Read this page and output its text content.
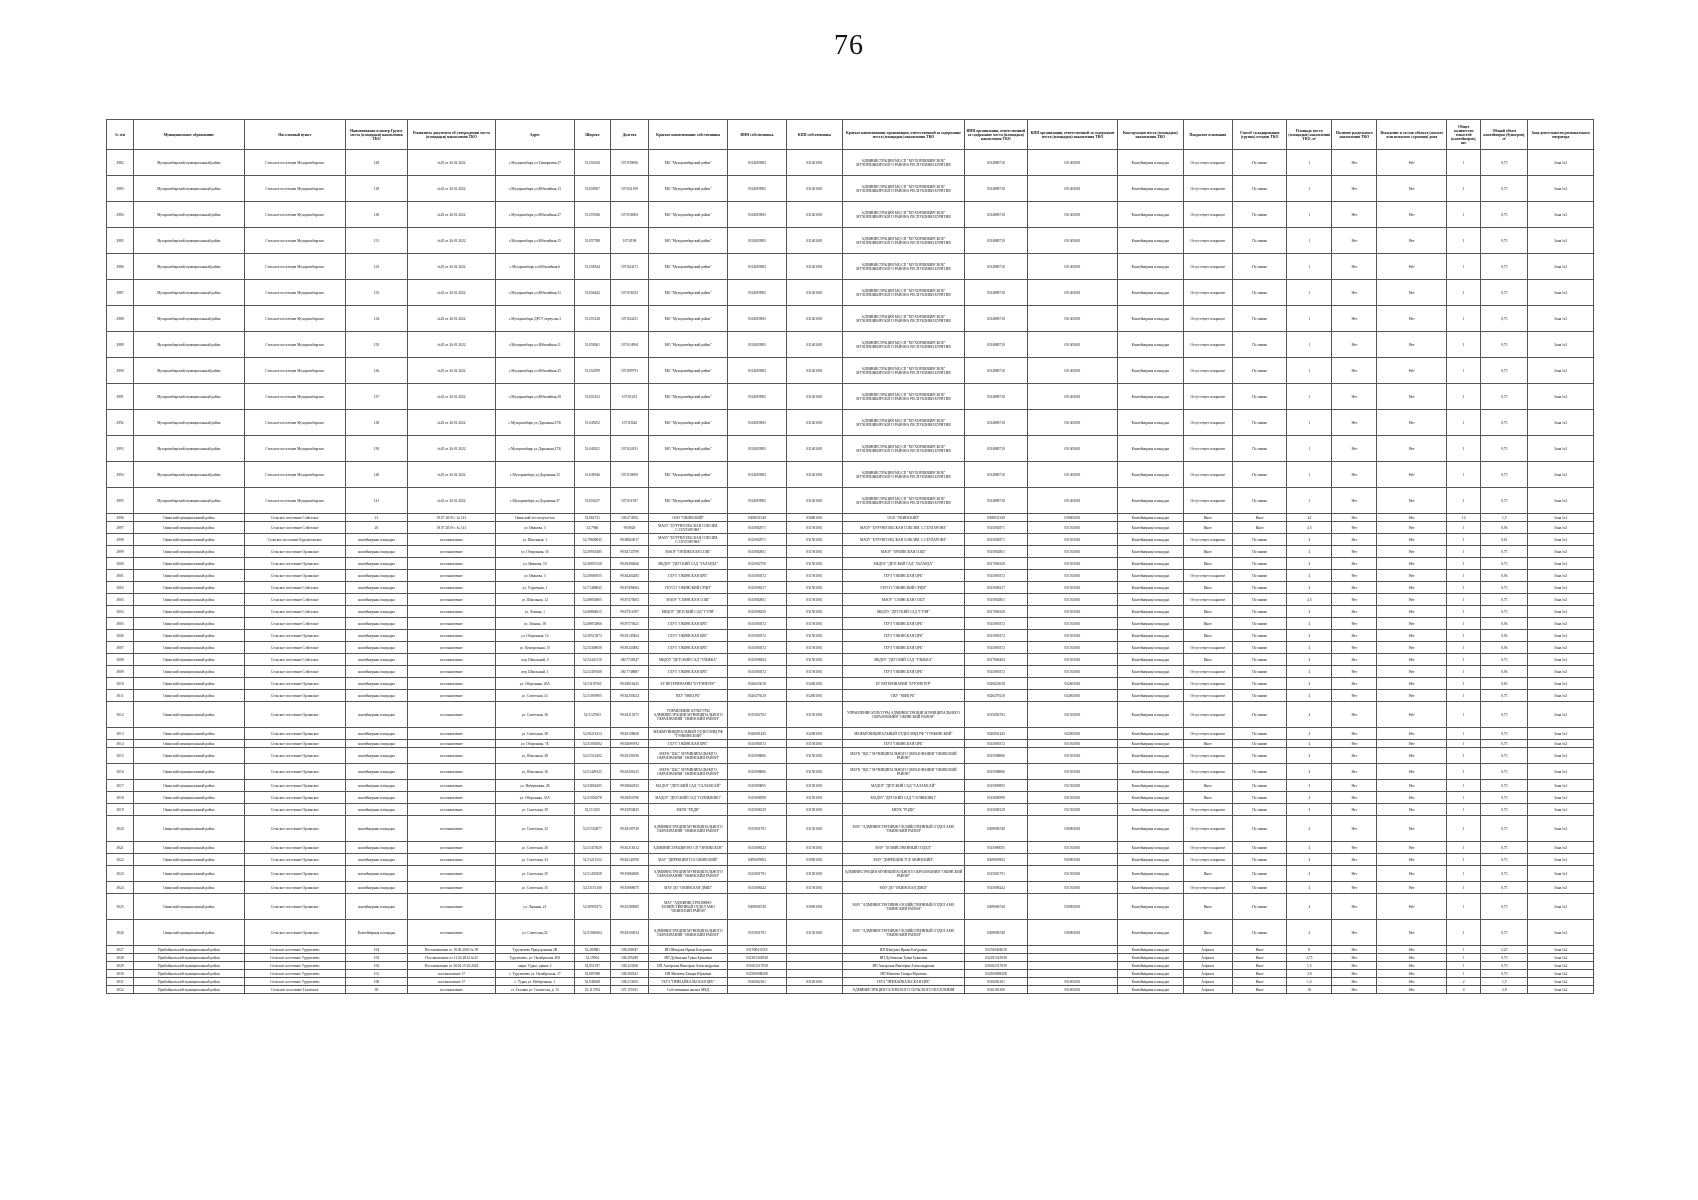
76
№ п/п	Муниципальное образование	Населенный пункт	Наименование и номер Грунту места (площадки) накопления ТКО	Реквизиты документа об утверждении места (площадки) накопления ТКО	Адрес	Широта	Долгота	Краткое наименование собственника	ИНН собственника	КПП собственника	Краткое наименование организации, ответственной за содержание места (площадки) накопления ТКО	ИНН организации, ответственной за содержание места (площадки) накопления ТКО	КПП организации, ответственной за содержание места (площадки) накопления ТКО	Конструкция места (площадки) накопления ТКО	Покрытие основания	Способ складирования (группа) отходов ТКО	Площадь места (площадки) накопления ТКО, м²	Наличие раздельного накопления ТКО	Вхождение в состав объекта (жилого или нежилого строения) дома	Общее количество емкостей (контейнеров), шт.	Общий объем контейнеров (бункеров), м³	Зона деятельности регионального оператора
2982	Мухоршибирский муниципальный район	Сельское поселение Мухоршибирское	128	№45 от 26.01.2022	с.Мухоршибирь ул.Тимирязева,37	51,056330	107,839836	МО "Мухоршибирский район"	0314003983	031401001	АДМИНИСТРАЦИЯ МО СП "МУХОРШИБИРСКОЕ" МУХОРШИБИРСКОГО РАЙОНА РЕСПУБЛИКИ БУРЯТИЯ	0314880710	031401001	Контейнерная площадка	Отсутствует покрытие	По заявке	1	Нет	Нет	1	0,75	Зона №1
2983	Мухоршибирский муниципальный район	Сельское поселение Мухоршибирское	129	№45 от 26.01.2022	с.Мухоршибирь ул.Юбилейная,13	51,058307	107,821109	МО "Мухоршибирский район"	0314003983	031401001	АДМИНИСТРАЦИЯ МО СП "МУХОРШИБИРСКОЕ" МУХОРШИБИРСКОГО РАЙОНА РЕСПУБЛИКИ БУРЯТИЯ	0314880710	031401001	Контейнерная площадка	Отсутствует покрытие	По заявке	1	Нет	Нет	1	0,75	Зона №1
2984	Мухоршибирский муниципальный район	Сельское поселение Мухоршибирское	130	№45 от 26.01.2022	с.Мухоршибирь ул.Юбилейная,27	51,055926	107,816903	МО "Мухоршибирский район"	0314003983	031401001	АДМИНИСТРАЦИЯ МО СП "МУХОРШИБИРСКОЕ" МУХОРШИБИРСКОГО РАЙОНА РЕСПУБЛИКИ БУРЯТИЯ	0314880710	031401001	Контейнерная площадка	Отсутствует покрытие	По заявке	1	Нет	Нет	1	0,75	Зона №1
2985	Мухоршибирский муниципальный район	Сельское поселение Мухоршибирское	131	№45 от 26.01.2022	с.Мухоршибирь ул.Юбилейная,15	51,057598	107,8198	МО "Мухоршибирский район"	0314003983	031401001	АДМИНИСТРАЦИЯ МО СП "МУХОРШИБИРСКОЕ" МУХОРШИБИРСКОГО РАЙОНА РЕСПУБЛИКИ БУРЯТИЯ	0314880710	031401001	Контейнерная площадка	Отсутствует покрытие	По заявке	1	Нет	Нет	1	0,75	Зона №1
2986	Мухоршибирский муниципальный район	Сельское поселение Мухоршибирское	132	№45 от 26.01.2022	с.Мухоршибирь ул.Юбилейная,6	51,058544	107,824271	МО "Мухоршибирский район"	0314003983	031401001	АДМИНИСТРАЦИЯ МО СП "МУХОРШИБИРСКОЕ" МУХОРШИБИРСКОГО РАЙОНА РЕСПУБЛИКИ БУРЯТИЯ	0314880710	031401001	Контейнерная площадка	Отсутствует покрытие	По заявке	1	Нет	Нет	1	0,75	Зона №1
2987	Мухоршибирский муниципальный район	Сельское поселение Мухоршибирское	133	№45 от 26.01.2022	с.Мухоршибирь ул.Юбилейная,31	51,056442	107,816353	МО "Мухоршибирский район"	0314003983	031401001	АДМИНИСТРАЦИЯ МО СП "МУХОРШИБИРСКОЕ" МУХОРШИБИРСКОГО РАЙОНА РЕСПУБЛИКИ БУРЯТИЯ	0314880710	031401001	Контейнерная площадка	Отсутствует покрытие	По заявке	1	Нет	Нет	1	0,75	Зона №1
2988	Мухоршибирский муниципальный район	Сельское поселение Мухоршибирское	134	№45 от 26.01.2022	с.Мухоршибирь ДРСУ переулок,3	51,055128	107,844211	МО "Мухоршибирский район"	0314003983	031401001	АДМИНИСТРАЦИЯ МО СП "МУХОРШИБИРСКОЕ" МУХОРШИБИРСКОГО РАЙОНА РЕСПУБЛИКИ БУРЯТИЯ	0314880710	031401001	Контейнерная площадка	Отсутствует покрытие	По заявке	1	Нет	Нет	1	0,75	Зона №1
2989	Мухоршибирский муниципальный район	Сельское поселение Мухоршибирское	135	№45 от 26.01.2022	с.Мухоршибирь ул.Юбилейная,11	51,058261	107,814994	МО "Мухоршибирский район"	0314003983	031401001	АДМИНИСТРАЦИЯ МО СП "МУХОРШИБИРСКОЕ" МУХОРШИБИРСКОГО РАЙОНА РЕСПУБЛИКИ БУРЯТИЯ	0314880710	031401001	Контейнерная площадка	Отсутствует покрытие	По заявке	1	Нет	Нет	1	0,75	Зона №1
2990	Мухоршибирский муниципальный район	Сельское поселение Мухоршибирское	136	№45 от 26.01.2022	с.Мухоршибирь ул.Юбилейная,25	51,052959	107,809791	МО "Мухоршибирский район"	0314003983	031401001	АДМИНИСТРАЦИЯ МО СП "МУХОРШИБИРСКОЕ" МУХОРШИБИРСКОГО РАЙОНА РЕСПУБЛИКИ БУРЯТИЯ	0314880710	031401001	Контейнерная площадка	Отсутствует покрытие	По заявке	1	Нет	Нет	1	0,75	Зона №1
2991	Мухоршибирский муниципальный район	Сельское поселение Мухоршибирское	137	№45 от 26.01.2022	с.Мухоршибирь ул.Юбилейная,29	51,051812	107,81253	МО "Мухоршибирский район"	0314003983	031401001	АДМИНИСТРАЦИЯ МО СП "МУХОРШИБИРСКОЕ" МУХОРШИБИРСКОГО РАЙОНА РЕСПУБЛИКИ БУРЯТИЯ	0314880710	031401001	Контейнерная площадка	Отсутствует покрытие	По заявке	1	Нет	Нет	1	0,75	Зона №1
2992	Мухоршибирский муниципальный район	Сельское поселение Мухоршибирское	138	№45 от 26.01.2022	с.Мухоршибирь ул.Дорожная,37/Б	51,049252	107,83426	МО "Мухоршибирский район"	0314003983	031401001	АДМИНИСТРАЦИЯ МО СП "МУХОРШИБИРСКОЕ" МУХОРШИБИРСКОГО РАЙОНА РЕСПУБЛИКИ БУРЯТИЯ	0314880710	031401001	Контейнерная площадка	Отсутствует покрытие	По заявке	1	Нет	Нет	1	0,75	Зона №1
2993	Мухоршибирский муниципальный район	Сельское поселение Мухоршибирское	139	№45 от 26.01.2022	с.Мухоршибирь ул.Дорожная,37/Б	51,049221	107,824191	МО "Мухоршибирский район"	0314003983	031401001	АДМИНИСТРАЦИЯ МО СП "МУХОРШИБИРСКОЕ" МУХОРШИБИРСКОГО РАЙОНА РЕСПУБЛИКИ БУРЯТИЯ	0314880710	031401001	Контейнерная площадка	Отсутствует покрытие	По заявке	1	Нет	Нет	1	0,75	Зона №1
2994	Мухоршибирский муниципальный район	Сельское поселение Мухоршибирское	140	№45 от 26.01.2022	с.Мухоршибирь ул.Дорожная,33	51,049546	107,810695	МО "Мухоршибирский район"	0314003983	031401001	АДМИНИСТРАЦИЯ МО СП "МУХОРШИБИРСКОЕ" МУХОРШИБИРСКОГО РАЙОНА РЕСПУБЛИКИ БУРЯТИЯ	0314880710	031401001	Контейнерная площадка	Отсутствует покрытие	По заявке	1	Нет	Нет	1	0,75	Зона №1
2995	Мухоршибирский муниципальный район	Сельское поселение Мухоршибирское	141	№45 от 26.01.2022	с.Мухоршибирь ул.Дорожная,37	51,050237	107,811937	МО "Мухоршибирский район"	0314003983	031401001	АДМИНИСТРАЦИЯ МО СП "МУХОРШИБИРСКОЕ" МУХОРШИБИРСКОГО РАЙОНА РЕСПУБЛИКИ БУРЯТИЯ	0314880710	031401001	Контейнерная площадка	Отсутствует покрытие	По заявке	1	Нет	Нет	1	0,75	Зона №1
2996	Окинский муниципальный район	Сельское поселение Сойотское	21	19.07.2019 г. № 141	Окинский лестхозучасток	52,082721	100,474592	ООО "ОКИНСКИЙ"	0308031540	030801001	ООО "ОКИНСКИЙ"	0308031540	030801001	Контейнерная площадка	Иное	Иное	24	Нет	Нет	14	1,5	Зона №1
2997	Окинский муниципальный район	Сельское поселение Сойотское	20	19.07.2019 г. № 141	ул. Иванова, 3	52,7966	99,8029	МАОУ "БУРУНГОЛЬСКАЯ СОШ ИМ. С.Г.БУЛАРОВА"	0315002971	031501001	МАОУ "БУРУНГОЛЬСКАЯ СОШ ИМ. С.Г.БУЛАРОВА"	0315002971	031501001	Контейнерная площадка	Иное	Иное	4,5	Нет	Нет	1	0,56	Зона №1
2998	Окинский муниципальный район	Сельское поселение Бурунгольское	контейнерная площадка	постановление	ул. Школьная, 1	52,79600045	99,80823017	МАОУ "БУРУНГОЛЬСКАЯ СОШ ИМ. С.Г.БУЛАРОВА"	0315002971	031501001	МАОУ "БУРУНГОЛЬСКАЯ СОШ ИМ. С.Г.БУЛАРОВА"	0315002971	031501001	Контейнерная площадка	Отсутствует покрытие	По заявке	4	Нет	Нет	1	0,61	Зона №1
2999	Окинский муниципальный район	Сельское поселение Орликское	контейнерная площадка	постановление	ул. Оборонная, 16	52,50935485	99,82723799	МАОУ "ОРЛИКСКАЯ СОШ"	0315002851	031501001	МАОУ "ОРЛИКСКАЯ СОШ"	0315002851	031501001	Контейнерная площадка	Иное	По заявке	4	Нет	Нет	1	0,75	Зона №1
3000	Окинский муниципальный район	Сельское поселение Орликское	контейнерная площадка	постановление	ул. Иванова, 10	52,50835158	99,83494846	МБДОУ "ДЕТСКИЙ САД "ЗАЛАРДА"	0315002750	031501001	МБДОУ "ДЕТСКИЙ САД "ЗАЛАРДА"	0317006320	031501001	Контейнерная площадка	Иное	По заявке	4	Нет	Нет	1	0,75	Зона №1
3001	Окинский муниципальный район	Сельское поселение Орликское	контейнерная площадка	постановление	ул. Иванова, 3	52,50669555	99,84264283	ГБУЗ "ОКИНСКАЯ ЦРБ"	0315000372	031501001	ГБУЗ "ОКИНСКАЯ ЦРБ"	0315000372	031501001	Контейнерная площадка	Отсутствует покрытие	По заявке	4	Нет	Нет	1	0,56	Зона №1
3002	Окинский муниципальный район	Сельское поселение Сойотское	контейнерная площадка	постановление	ул. Улуречная, 1	52,71468045	99,87494064	ГБУСО "ОКИНСКИЙ СРЦН"	0315008217	031501001	ГБУСО "ОКИНСКИЙ СРЦН"	0315008217	031501001	Контейнерная площадка	Иное	По заявке	4	Нет	Нет	1	0,75	Зона №1
3003	Окинский муниципальный район	Сельское поселение Сойотское	контейнерная площадка	постановление	ул. Школьная, 12	52,68854865	99,87475603	МАОУ "САЯНСКАЯ СОШ"	0315002851	031501001	МАОУ "САЯНСКАЯ СОШ"	0315002851	031501001	Контейнерная площадка	Отсутствует покрытие	По заявке	4,5	Нет	Нет	1	0,75	Зона №1
3004	Окинский муниципальный район	Сельское поселение Сойотское	контейнерная площадка	постановление	ул. Ленина, 1	52,68804615	99,87311097	МБДОУ "ДЕТСКИЙ САД "ГУЛЯ"	0315008250	031501001	МБДОУ "ДЕТСКИЙ САД "ГУЛЯ"	0317006320	031501001	Контейнерная площадка	Иное	По заявке	4	Нет	Нет	1	0,75	Зона №1
3005	Окинский муниципальный район	Сельское поселение Сойотское	контейнерная площадка	постановление	ул. Ленина, 18	52,68872866	99,87573621	ГБУЗ "ОКИНСКАЯ ЦРБ"	0315000372	031501001	ГБУЗ "ОКИНСКАЯ ЦРБ"	0315000372	031501001	Контейнерная площадка	Иное	По заявке	4	Нет	Нет	1	0,56	Зона №1
3006	Окинский муниципальный район	Сельское поселение Орликское	контейнерная площадка	постановление	ул. Оборонная, 14	52,50515073	99,83149264	ГБУЗ "ОКИНСКАЯ ЦРБ"	0315000372	031501001	ГБУЗ "ОКИНСКАЯ ЦРБ"	0315000372	031501001	Контейнерная площадка	Иное	По заявке	4	Нет	Нет	1	0,56	Зона №1
3007	Окинский муниципальный район	Сельское поселение Сойотское	контейнерная площадка	постановление	ул. Центральная, 15	52,53308050	99,85343882	ГБУЗ "ОКИНСКАЯ ЦРБ"	0315000372	031501001	ГБУЗ "ОКИНСКАЯ ЦРБ"	0315000372	031501001	Контейнерная площадка	Отсутствует покрытие	По заявке	4	Нет	Нет	1	0,56	Зона №1
3008	Окинский муниципальный район	Сельское поселение Сойотское	контейнерная площадка	постановление	пер. Школьный, 4	52,52423110	100,7728347	МБДОУ "ДЕТСКИЙ САД "УЛЫБКА"	0315008204	031501001	МБДОУ "ДЕТСКИЙ САД "УЛЫБКА"	0317006204	031501001	Контейнерная площадка	Иное	По заявке	4	Нет	Нет	1	0,75	Зона №1
3009	Окинский муниципальный район	Сельское поселение Сойотское	контейнерная площадка	постановление	пер. Школьный, 1	52,52459160	100,7748887	ГБУЗ "ОКИНСКАЯ ЦРБ"	0315000372	031501001	ГБУЗ "ОКИНСКАЯ ЦРБ"	0315000372	031501001	Контейнерная площадка	Отсутствует покрытие	По заявке	4	Нет	Нет	1	0,56	Зона №1
3010	Окинский муниципальный район	Сельское поселение Орликское	контейнерная площадка	постановление	ул. Оборонная, 20А	52,51107565	99,82816425	БУ ВЕТЕРИНАРИИ "БУРЭНЕТЕР"	0326023018	032601001	БУ ВЕТЕРИНАРИИ "БУРЭНЕТЕР"	0326023018	032601001	Контейнерная площадка	Отсутствует покрытие	По заявке	4	Нет	Нет	1	0,65	Зона №1
3011	Окинский муниципальный район	Сельское поселение Орликское	контейнерная площадка	постановление	ул. Советская, 41	52,51095905	99,82103024	ПБУ "МФЦ РБ"	0326479210	032601001	ПБУ "МФЦ РБ"	0326479210	032601001	Контейнерная площадка	Отсутствует покрытие	По заявке	4	Нет	Нет	1	0,75	Зона №1
3012	Окинский муниципальный район	Сельское поселение Орликское	контейнерная площадка	постановление	ул. Советская, 36	52,5127663	99,82115275	УПРАВЛЕНИЕ КУЛЬТУРЫ АДМИНИСТРАЦИИ МУНИЦИПАЛЬНОГО ОБРАЗОВАНИЯ "ОКИНСКИЙ РАЙОН"	0315002702	031501001	УПРАВЛЕНИЕ КУЛЬТУРЫ АДМИНИСТРАЦИИ МУНИЦИПАЛЬНОГО ОБРАЗОВАНИЯ "ОКИНСКИЙ РАЙОН"	0315002702	031501001	Контейнерная площадка	Отсутствует покрытие	По заявке	4	Нет	Нет	1	0,75	Зона №1
3013	Окинский муниципальный район	Сельское поселение Орликское	контейнерная площадка	постановление	ул. Советская, 38	52,50214313	99,82108840	МЕЖМУНИЦИПАЛЬНЫЙ ОТДЕЛ МВД РФ "ТУНКИНСКИЙ"	0320001445	032001001	МЕЖМУНИЦИПАЛЬНЫЙ ОТДЕЛ МВД РФ "ТУНКИНСКИЙ"	0320001445	032001001	Контейнерная площадка	Отсутствует покрытие	По заявке	4	Нет	Нет	1	0,75	Зона №1
3014	Окинский муниципальный район	Сельское поселение Орликское	контейнерная площадка	постановление	ул. Оборонная, 7Б	52,51050502	99,82699192	ГБУЗ "ОКИНСКАЯ ЦРБ"	0315000372	031501001	ГБУЗ "ОКИНСКАЯ ЦРБ"	0315000372	031501001	Контейнерная площадка	Иное	По заявке	4	Нет	Нет	1	0,75	Зона №1
3015	Окинский муниципальный район	Сельское поселение Орликское	контейнерная площадка	постановление	ул. Школьная, 38	52,51512202	99,82101056	МБУК "ЦБС" МУНИЦИПАЛЬНОГО ОБРАЗОВАНИЯ "ОКИНСКИЙ РАЙОН"	0315008606	031501001	МБУК "ЦБС" МУНИЦИПАЛЬНОГО ОБРАЗОВАНИЯ "ОКИНСКИЙ РАЙОН"	0315008606	031501001	Контейнерная площадка	Отсутствует покрытие	По заявке	4	Нет	Нет	1	0,75	Зона №1
3016	Окинский муниципальный район	Сельское поселение Орликское	контейнерная площадка	постановление	ул. Школьная, 16	52,51409125	99,82206125	МБУК "ЦБС" МУНИЦИПАЛЬНОГО ОБРАЗОВАНИЯ "ОКИНСКИЙ РАЙОН"	0315008606	031501001	МБУК "ЦБС" МУНИЦИПАЛЬНОГО ОБРАЗОВАНИЯ "ОКИНСКИЙ РАЙОН"	0315008606	031501001	Контейнерная площадка	Отсутствует покрытие	По заявке	4	Нет	Нет	1	0,75	Зона №1
3017	Окинский муниципальный район	Сельское поселение Орликское	контейнерная площадка	постановление	ул. Набережная, 28	52,52834305	99,83064553	МАДОУ "ДЕТСКИЙ САД "САЛАМСАЙ"	0315090855	031501001	МАДОУ "ДЕТСКИЙ САД "САЛАМСАЙ"	0315090855	031501001	Контейнерная площадка	Иное	По заявке	4	Нет	Нет	1	0,75	Зона №1
3018	Окинский муниципальный район	Сельское поселение Орликское	контейнерная площадка	постановление	ул. Оборонная, 31А	52,51056378	99,83054796	МАДОУ "ДЕТСКИЙ САД "СОЛНЫШКО"	0315008599	031501001	МАДОУ "ДЕТСКИЙ САД "СОЛНЫШКО"	0315008599	031501001	Контейнерная площадка	Иное	По заявке	4	Нет	Нет	1	0,75	Зона №1
3019	Окинский муниципальный район	Сельское поселение Орликское	контейнерная площадка	постановление	ул. Советская, 39	52,513105	99,81954825	МБУК "РЦДК"	0315008129	031501001	МБУК "РЦДК"	0315008129	031501001	Контейнерная площадка	Отсутствует покрытие	По заявке	4	Нет	Нет	1	0,75	Зона №1
3020	Окинский муниципальный район	Сельское поселение Орликское	контейнерная площадка	постановление	ул. Советская, 32	52,51552877	99,82100729	АДМИНИСТРАЦИЯ МУНИЦИПАЛЬНОГО ОБРАЗОВАНИЯ "ОКИНСКИЙ РАЙОН"	0315001791	031501001	МАУ "АДМИНИСТРАТИВНО-ХОЗЯЙСТВЕННЫЙ ОТДЕЛ АМО "ОКИНСКИЙ РАЙОН"	0309006740	030901001	Контейнерная площадка	Отсутствует покрытие	По заявке	4	Нет	Нет	1	0,75	Зона №1
3021	Окинский муниципальный район	Сельское поселение Орликское	контейнерная площадка	постановление	ул. Советская, 30	52,51475029	99,82116512	АДМИНИСТРАЦИЯ МО СП "ОРЛИКСКОЕ"	0315008323	031501001	МАУ "ХОЗЯЙСТВЕННЫЙ ОТДЕЛ"	0315090055	031501001	Контейнерная площадка	Отсутствует покрытие	По заявке	4	Нет	Нет	1	0,75	Зона №1
3022	Окинский муниципальный район	Сельское поселение Орликское	контейнерная площадка	постановление	ул. Советская, 34	52,51211522	99,82144709	МАУ "ДИРЕКЦИЯ ТСЕ ОКИНСКИЙ"	0309005902	030901001	МАУ "ДИРЕКЦИЯ ТСЕ ОКИНСКИЙ"	0309005902	030901001	Контейнерная площадка	Отсутствует покрытие	По заявке	4	Нет	Нет	1	0,75	Зона №1
3023	Окинский муниципальный район	Сельское поселение Орликское	контейнерная площадка	постановление	ул. Советская, 35	52,51450358	99,81864006	АДМИНИСТРАЦИЯ МУНИЦИПАЛЬНОГО ОБРАЗОВАНИЯ "ОКИНСКИЙ РАЙОН"	0315001791	031501001	АДМИНИСТРАЦИЯ МУНИЦИПАЛЬНОГО ОБРАЗОВАНИЯ "ОКИНСКИЙ РАЙОН"	0315001791	031501001	Контейнерная площадка	Иное	По заявке	4	Нет	Нет	1	0,75	Зона №1
3024	Окинский муниципальный район	Сельское поселение Орликское	контейнерная площадка	постановление	ул. Советская, 35	52,51151160	99,81968675	МАУ ДО "ОКИНСКАЯ ДМШ"	0315008242	031501001	МАУ ДО "ОКИНСКАЯ ДМШ"	0315008242	031501001	Контейнерная площадка	Отсутствует покрытие	По заявке	4	Нет	Нет	1	0,75	Зона №1
3025	Окинский муниципальный район	Сельское поселение Орликское	контейнерная площадка	постановление	ул. Лыжная, 21	52,50995272	99,81280985	МАУ "АДМИНИСТРАТИВНО-ХОЗЯЙСТВЕННЫЙ ОТДЕЛ АМО "ОКИНСКИЙ РАЙОН"	0309006740	030901001	МАУ "АДМИНИСТРАТИВНО-ХОЗЯЙСТВЕННЫЙ ОТДЕЛ АМО "ОКИНСКИЙ РАЙОН"	0309006740	030901001	Контейнерная площадка	Иное	По заявке	4	Нет	Нет	1	0,75	Зона №1
3026	Окинский муниципальный район	Сельское поселение Орликское	Контейнерная площадка	постановление	ул. Советская,32	52,51066304	99,82103034	АДМИНИСТРАЦИЯ МУНИЦИПАЛЬНОГО ОБРАЗОВАНИЯ "ОКИНСКИЙ РАЙОН"	0315001791	031501001	МАУ "АДМИНИСТРАТИВНО-ХОЗЯЙСТВЕННЫЙ ОТДЕЛ АМО "ОКИНСКИЙ РАЙОН"	0309006740	030901001	Контейнерная площадка	Иное	По заявке	4	Нет	Нет	1	0,75	Зона №1
3027	Прибайкальский муниципальный район	Сельское поселение Турунтаево	104	Постановление от 19.06.2020 № 59	Турунтаево Придорожная 2В	52,205881	108,206047	ИП Шведова Ирина Батуровна	0315004-0318		ИП Шведова Ирина Батуровна	031500404018		Контейнерная площадка	Асфальт	Иное	8	Нет	Нет	1	2,25	Зона №2
3028	Прибайкальский муниципальный район	Сельское поселение Турунтаево	103	Постановление от 11.02.2024 №33	Турунтаево, ул. Октябрьская 49А	52,19564	108,295289	ИП Дубинская Туяна Буяновна	032181343938		ИП Дубинская Туяна Буяновна	032181343938		Контейнерная площадка	Асфальт	Иное	3,75	Нет	Нет	1	0,75	Зона №2
3029	Прибайкальский муниципальный район	Сельское поселение Турунтаево	102	Постановление от 30.04.15.02.2024	мкрн. Турка, здание 3	52,951197	108,223306	ИП Ангарская Виктория Александровна	031602317039		ИП Ангарская Виктория Александровна	031602317039		Контейнерная площадка	Асфальт	Иное	1,5	Нет	Нет	1	0,75	Зона №2
3030	Прибайкальский муниципальный район	Сельское поселение Турунтаево	101	постановление 17	с. Турунтаево ул. Октябрьская, 17	52,807098	108,300341	ИП Михеева Тамара Юрьевна	032300008208		ИП Михеева Тамара Юрьевна	032300008208		Контейнерная площадка	Асфальт	Иное	3,8	Нет	Нет	1	0,75	Зона №2
3031	Прибайкальский муниципальный район	Сельское поселение Турунтаево	100	постановление 17	с. Турка ул. Набережная, 1	52,949628	108,213653	ГБУЗ "ПРИБАЙКАЛЬСКАЯ ЦРБ"	0316002161	031601001	ГБУЗ "ПРИБАЙКАЛЬСКАЯ ЦРБ"	0316002161	031601001	Контейнерная площадка	Асфальт	Иное	1,4	Нет	Нет	2	1,5	Зона №2
3032	Прибайкальский муниципальный район	Сельское поселение Таловское	99	постановление	ст. Таловка ул. Скалистая, д. 13	52,113784	107,155911	Собственники жилых МКД			АДМИНИСТРАЦИЯ ТАЛОВСКОГО СЕЛЬСКОГО ПОСЕЛЕНИЯ	0316181290	031601001	Контейнерная площадка	Асфальт	Иное	10	Нет	Нет	4	2,8	Зона №2
